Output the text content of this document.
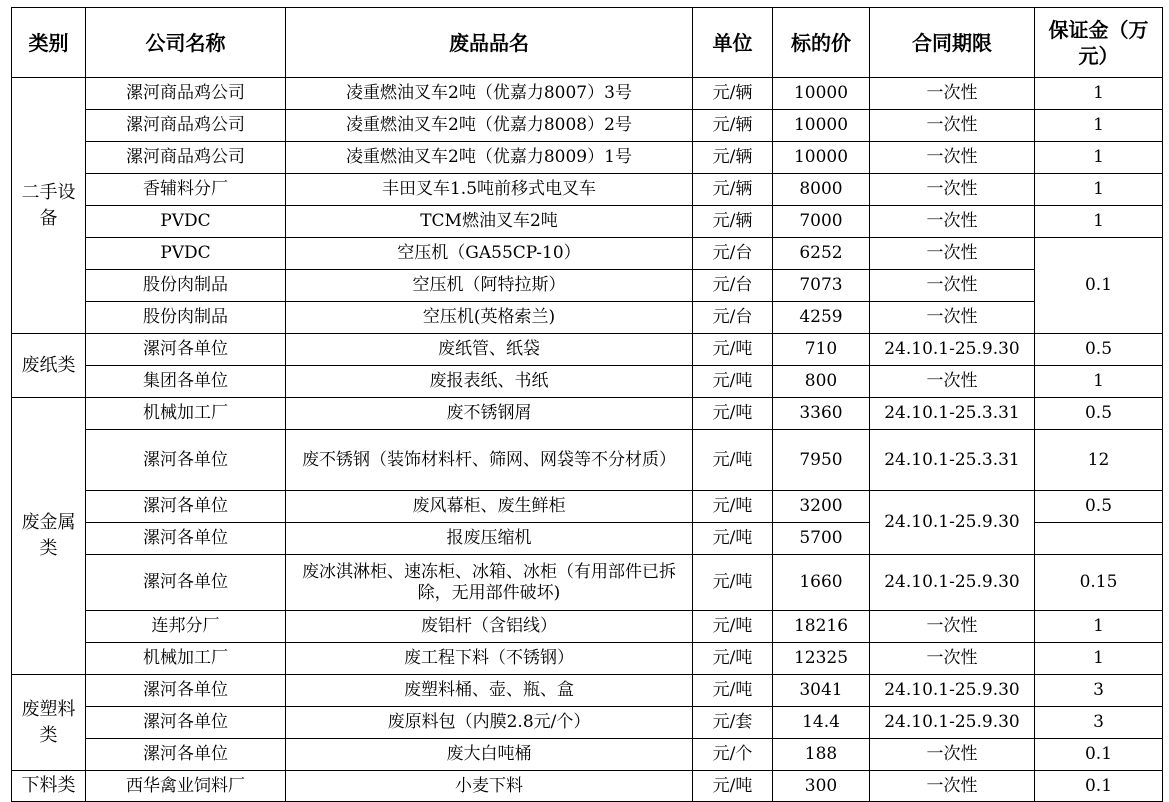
类别	公司名称	废品品名	单位	标的价	合同期限	保证金（万元）
二手设备	漯河商品鸡公司	凌重燃油叉车2吨（优嘉力8007）3号	元/辆	10000	一次性	1
	漯河商品鸡公司	凌重燃油叉车2吨（优嘉力8008）2号	元/辆	10000	一次性	1
	漯河商品鸡公司	凌重燃油叉车2吨（优嘉力8009）1号	元/辆	10000	一次性	1
	香辅料分厂	丰田叉车1.5吨前移式电叉车	元/辆	8000	一次性	1
	PVDC	TCM燃油叉车2吨	元/辆	7000	一次性	1
	PVDC	空压机（GA55CP-10）	元/台	6252	一次性	0.1
	股份肉制品	空压机（阿特拉斯）	元/台	7073	一次性	
	股份肉制品	空压机(英格索兰)	元/台	4259	一次性	
废纸类	漯河各单位	废纸管、纸袋	元/吨	710	24.10.1-25.9.30	0.5
	集团各单位	废报表纸、书纸	元/吨	800	一次性	1
废金属类	机械加工厂	废不锈钢屑	元/吨	3360	24.10.1-25.3.31	0.5
	漯河各单位	废不锈钢（装饰材料杆、筛网、网袋等不分材质）	元/吨	7950	24.10.1-25.3.31	12
	漯河各单位	废风幕柜、废生鲜柜	元/吨	3200	24.10.1-25.9.30	0.5
	漯河各单位	报废压缩机	元/吨	5700		
	漯河各单位	废冰淇淋柜、速冻柜、冰箱、冰柜（有用部件已拆除，无用部件破坏)	元/吨	1660	24.10.1-25.9.30	0.15
	连邦分厂	废铝杆（含铝线）	元/吨	18216	一次性	1
	机械加工厂	废工程下料（不锈钢）	元/吨	12325	一次性	1
废塑料类	漯河各单位	废塑料桶、壶、瓶、盒	元/吨	3041	24.10.1-25.9.30	3
	漯河各单位	废原料包（内膜2.8元/个）	元/套	14.4	24.10.1-25.9.30	3
	漯河各单位	废大白吨桶	元/个	188	一次性	0.1
下料类	西华禽业饲料厂	小麦下料	元/吨	300	一次性	0.1
